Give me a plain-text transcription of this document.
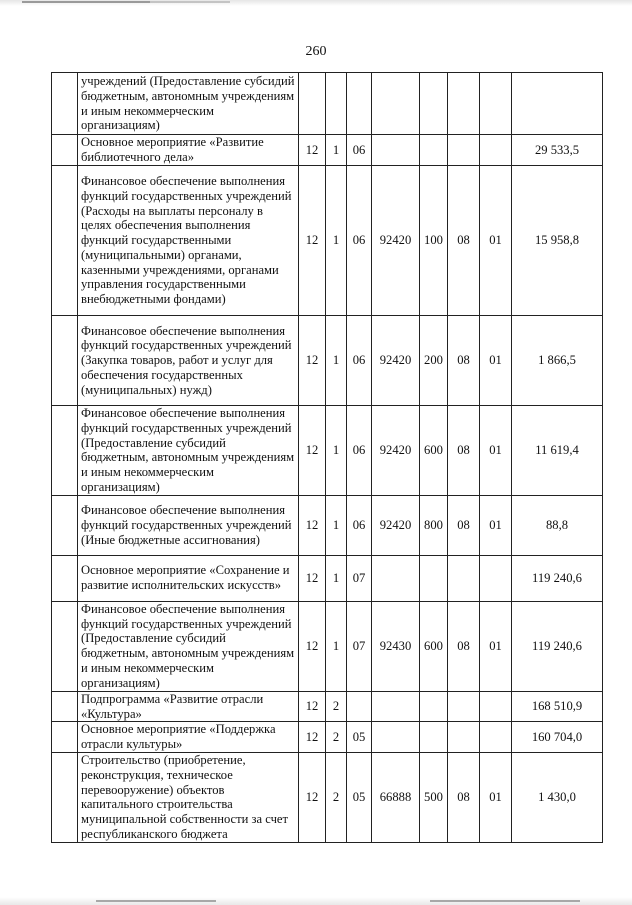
260
	учреждений (Предоставление субсидий бюджетным, автономным учреждениям и иным некоммерческим организациям)								
	Основное мероприятие «Развитие библиотечного дела»	12	1	06					29 533,5
	Финансовое обеспечение выполнения функций государственных учреждений (Расходы на выплаты персоналу в целях обеспечения выполнения функций государственными (муниципальными) органами, казенными учреждениями, органами управления государственными внебюджетными фондами)	12	1	06	92420	100	08	01	15 958,8
	Финансовое обеспечение выполнения функций государственных учреждений (Закупка товаров, работ и услуг для обеспечения государственных (муниципальных) нужд)	12	1	06	92420	200	08	01	1 866,5
	Финансовое обеспечение выполнения функций государственных учреждений (Предоставление субсидий бюджетным, автономным учреждениям и иным некоммерческим организациям)	12	1	06	92420	600	08	01	11 619,4
	Финансовое обеспечение выполнения функций государственных учреждений (Иные бюджетные ассигнования)	12	1	06	92420	800	08	01	88,8
	Основное мероприятие «Сохранение и развитие исполнительских искусств»	12	1	07					119 240,6
	Финансовое обеспечение выполнения функций государственных учреждений (Предоставление субсидий бюджетным, автономным учреждениям и иным некоммерческим организациям)	12	1	07	92430	600	08	01	119 240,6
	Подпрограмма «Развитие отрасли «Культура»	12	2						168 510,9
	Основное мероприятие «Поддержка отрасли культуры»	12	2	05					160 704,0
	Строительство (приобретение, реконструкция, техническое перевооружение) объектов капитального строительства муниципальной собственности за счет республиканского бюджета	12	2	05	66888	500	08	01	1 430,0
